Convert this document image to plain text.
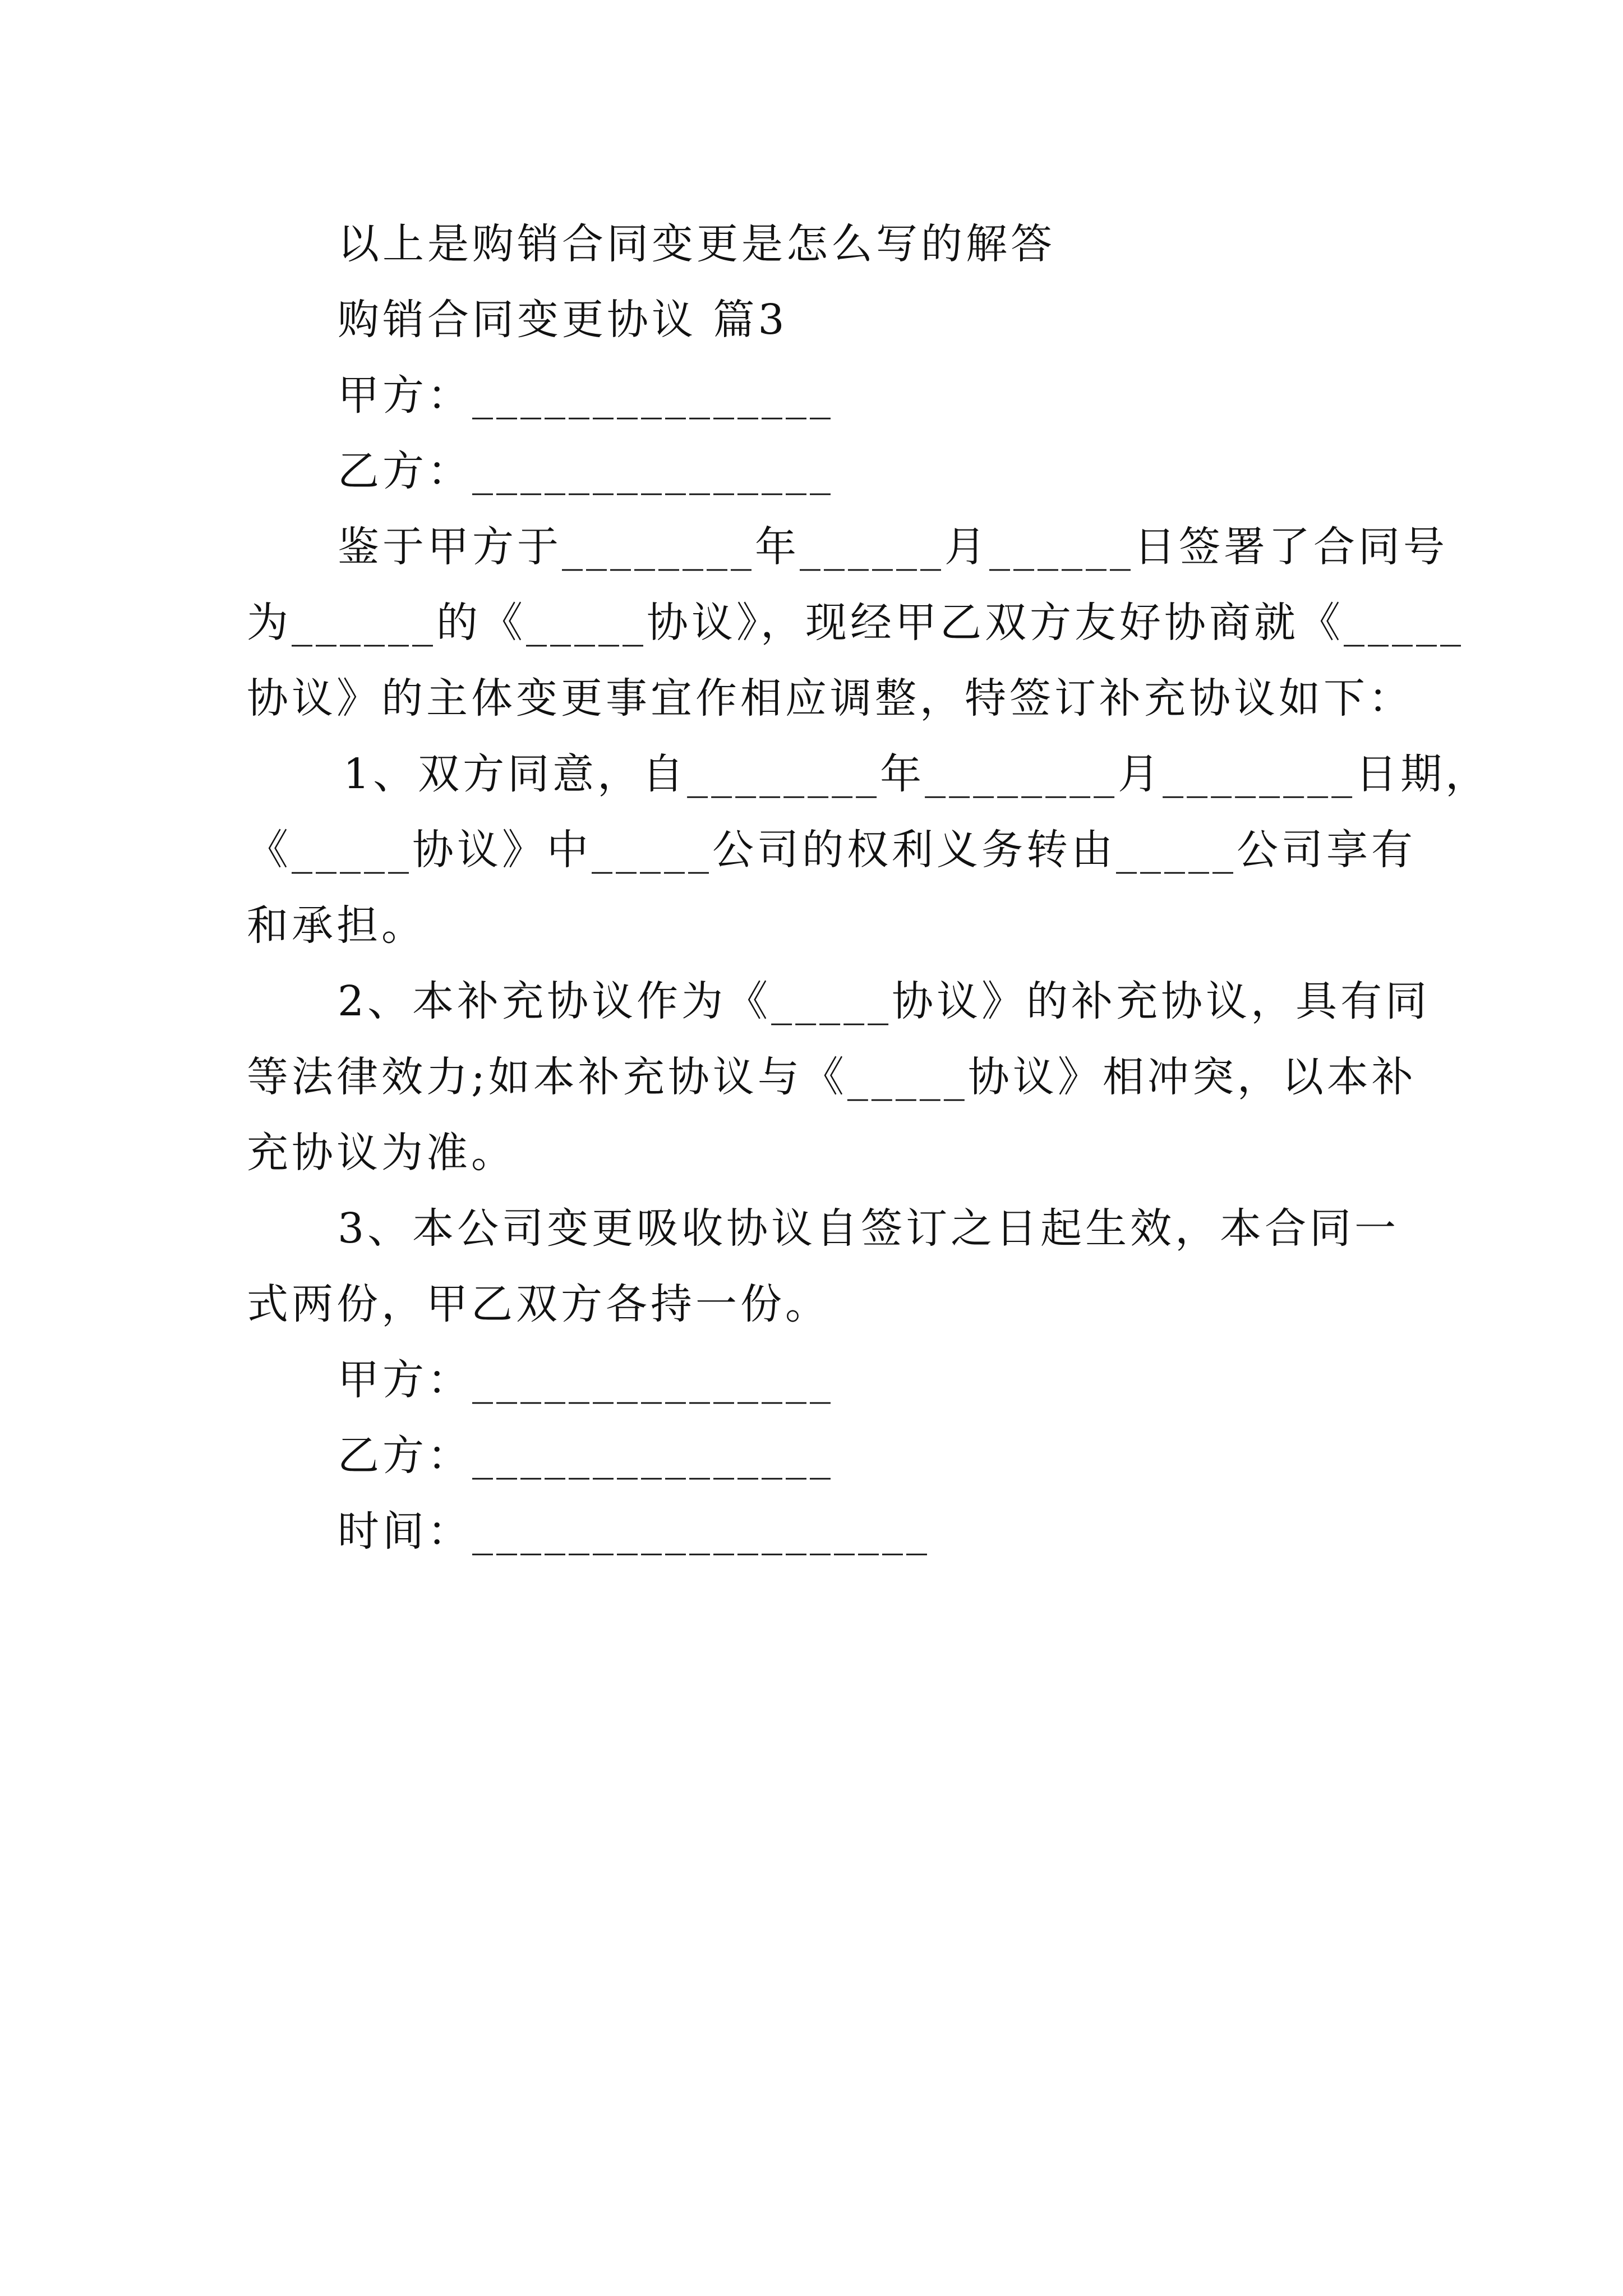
以上是购销合同变更是怎么写的解答
购销合同变更协议 篇3
甲方：_______________
乙方：_______________
鉴于甲方于________年______月______日签署了合同号
为______的《_____协议》，现经甲乙双方友好协商就《_____
协议》的主体变更事宜作相应调整，特签订补充协议如下：
1、双方同意，自________年________月________日期，
《_____协议》中_____公司的权利义务转由_____公司享有
和承担。
2、本补充协议作为《_____协议》的补充协议，具有同
等法律效力;如本补充协议与《_____协议》相冲突，以本补
充协议为准。
3、本公司变更吸收协议自签订之日起生效，本合同一
式两份，甲乙双方各持一份。
甲方：_______________
乙方：_______________
时间：___________________
